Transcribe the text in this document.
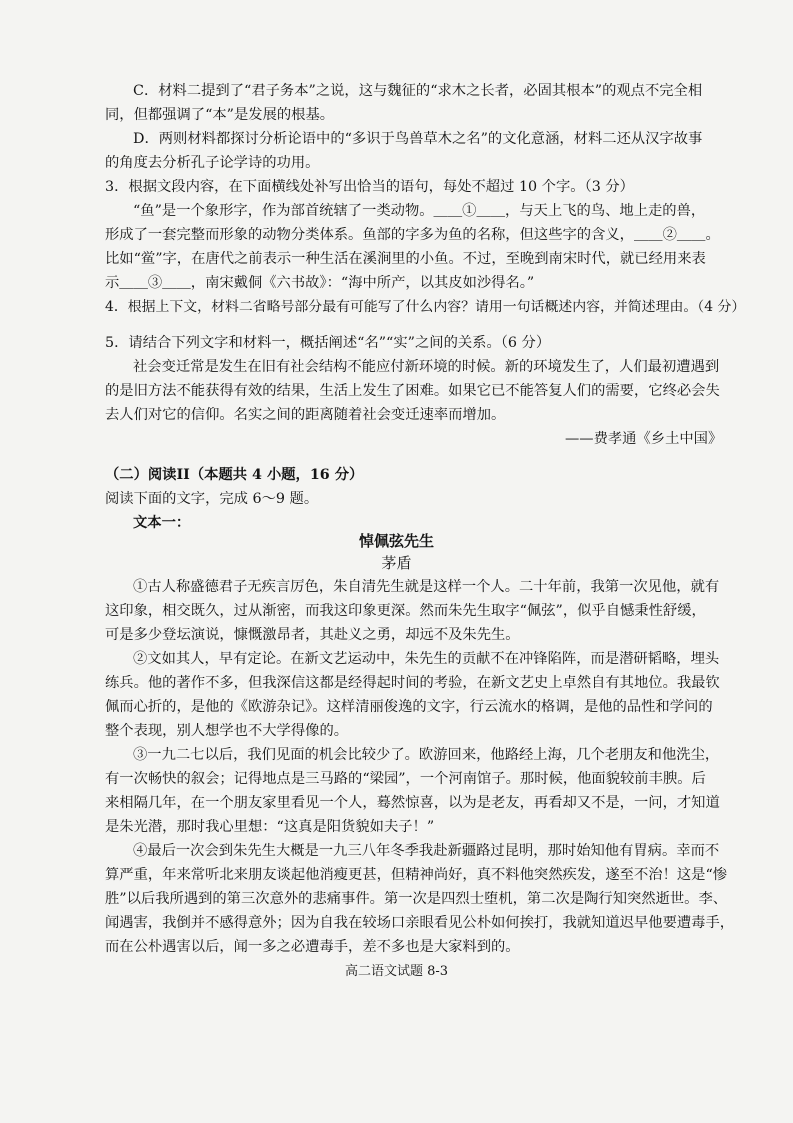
C．材料二提到了“君子务本”之说，这与魏征的“求木之长者，必固其根本”的观点不完全相
同，但都强调了“本”是发展的根基。
D．两则材料都探讨分析论语中的“多识于鸟兽草木之名”的文化意涵，材料二还从汉字故事
的角度去分析孔子论学诗的功用。
3．根据文段内容，在下面横线处补写出恰当的语句，每处不超过 10 个字。（3 分）
“鱼”是一个象形字，作为部首统辖了一类动物。＿＿①＿＿，与天上飞的鸟、地上走的兽，
形成了一套完整而形象的动物分类体系。鱼部的字多为鱼的名称，但这些字的含义，＿＿②＿＿。
比如“鲎”字，在唐代之前表示一种生活在溪涧里的小鱼。不过，至晚到南宋时代，就已经用来表
示＿＿③＿＿，南宋戴侗《六书故》：“海中所产，以其皮如沙得名。”
4．根据上下文，材料二省略号部分最有可能写了什么内容？请用一句话概述内容，并简述理由。（4 分）
5．请结合下列文字和材料一，概括阐述“名”“实”之间的关系。（6 分）
社会变迁常是发生在旧有社会结构不能应付新环境的时候。新的环境发生了，人们最初遭遇到
的是旧方法不能获得有效的结果，生活上发生了困难。如果它已不能答复人们的需要，它终必会失
去人们对它的信仰。名实之间的距离随着社会变迁速率而增加。
——费孝通《乡土中国》
（二）阅读II（本题共 4 小题，16 分）
阅读下面的文字，完成 6～9 题。
文本一：
悼佩弦先生
茅盾
①古人称盛德君子无疾言厉色，朱自清先生就是这样一个人。二十年前，我第一次见他，就有
这印象，相交既久，过从渐密，而我这印象更深。然而朱先生取字“佩弦”，似乎自憾秉性舒缓，
可是多少登坛演说，慷慨激昂者，其赴义之勇，却远不及朱先生。
②文如其人，早有定论。在新文艺运动中，朱先生的贡献不在冲锋陷阵，而是潜研韬略，埋头
练兵。他的著作不多，但我深信这都是经得起时间的考验，在新文艺史上卓然自有其地位。我最钦
佩而心折的，是他的《欧游杂记》。这样清丽俊逸的文字，行云流水的格调，是他的品性和学问的
整个表现，别人想学也不大学得像的。
③一九二七以后，我们见面的机会比较少了。欧游回来，他路经上海，几个老朋友和他洗尘，
有一次畅快的叙会；记得地点是三马路的“梁园”，一个河南馆子。那时候，他面貌较前丰腴。后
来相隔几年，在一个朋友家里看见一个人，蓦然惊喜，以为是老友，再看却又不是，一问，才知道
是朱光潜，那时我心里想：“这真是阳货貌如夫子！”
④最后一次会到朱先生大概是一九三八年冬季我赴新疆路过昆明，那时始知他有胃病。幸而不
算严重，年来常听北来朋友谈起他消瘦更甚，但精神尚好，真不料他突然疾发，遂至不治！这是“惨
胜”以后我所遇到的第三次意外的悲痛事件。第一次是四烈士堕机，第二次是陶行知突然逝世。李、
闻遇害，我倒并不感得意外；因为自我在较场口亲眼看见公朴如何挨打，我就知道迟早他要遭毒手，
而在公朴遇害以后，闻一多之必遭毒手，差不多也是大家料到的。
高二语文试题 8-3
